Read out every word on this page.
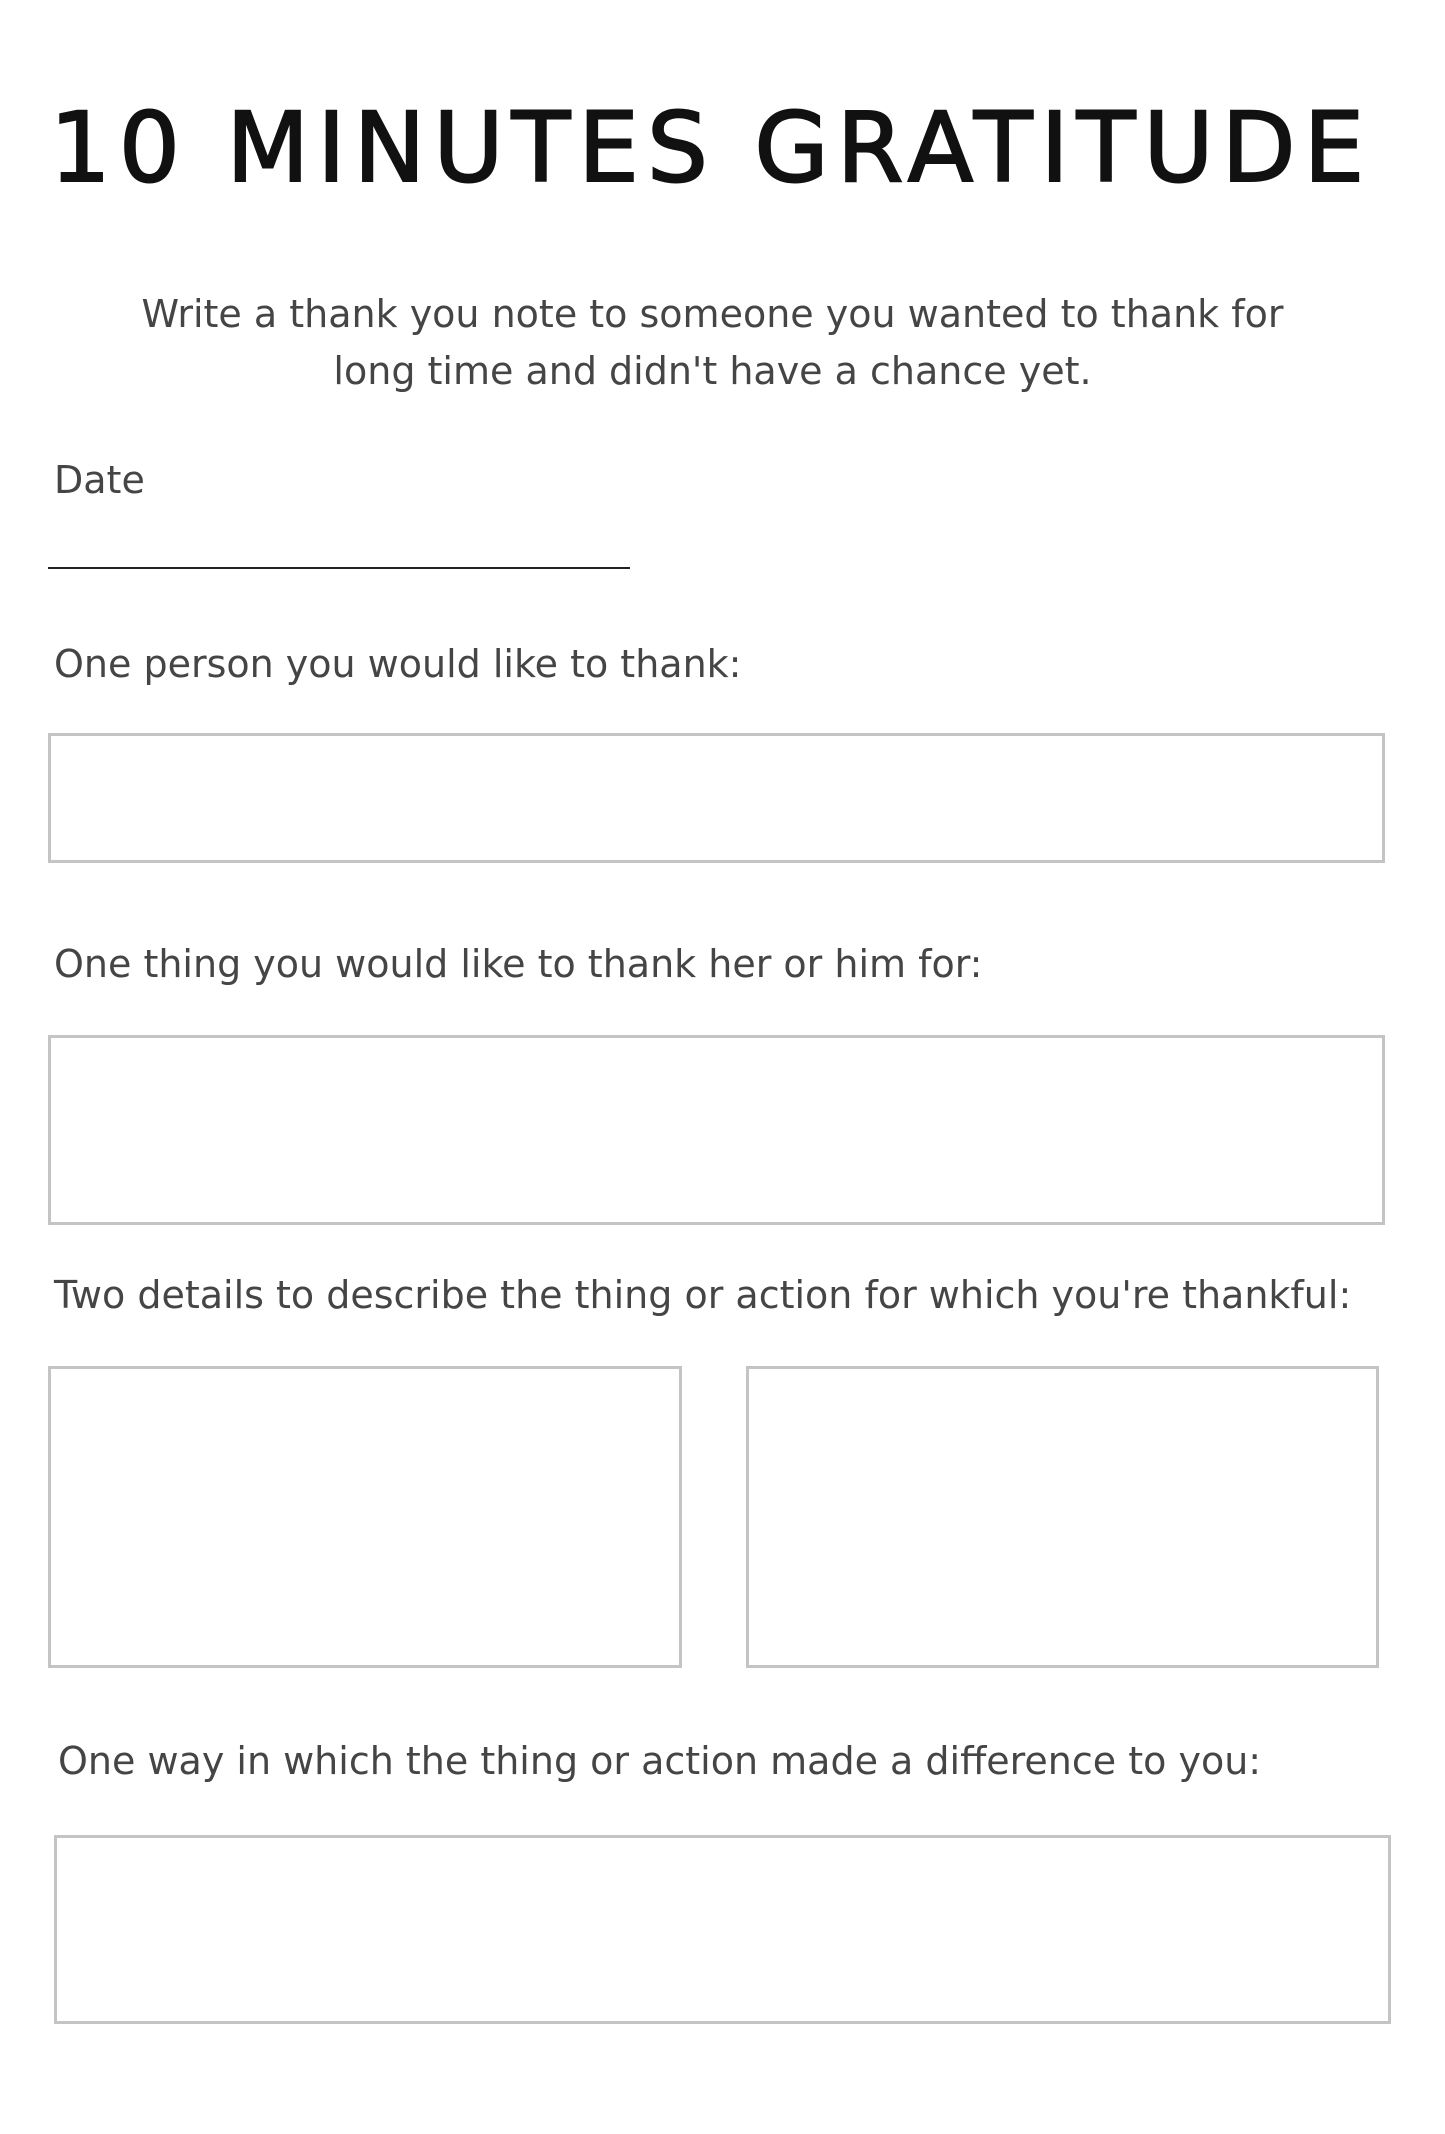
10 MINUTES GRATITUDE
Write a thank you note to someone you wanted to thank for long time and didn't have a chance yet.
Date
One person you would like to thank:
One thing you would like to thank her or him for:
Two details to describe the thing or action for which you're thankful:
One way in which the thing or action made a difference to you:
